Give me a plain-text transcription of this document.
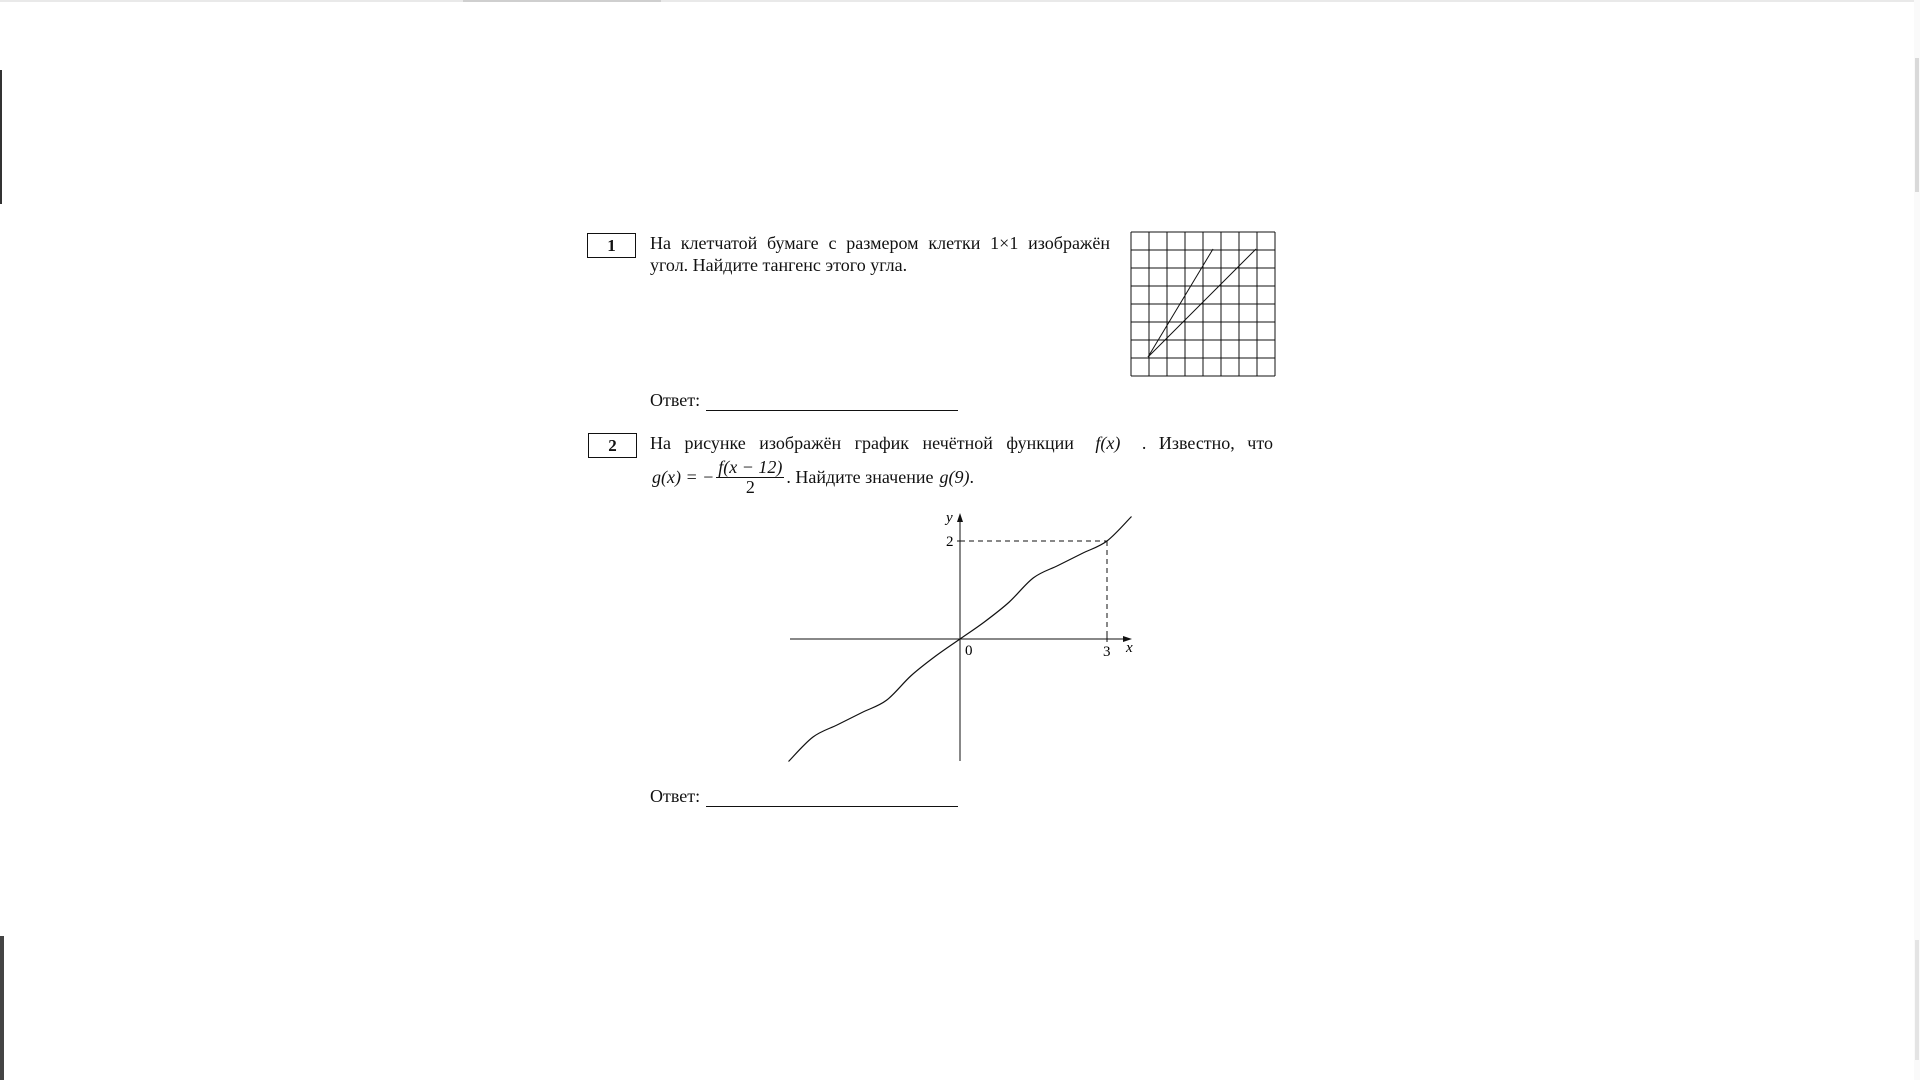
1	На клетчатой бумаге с размером клетки 1×1 изображён угол. Найдите тангенс этого угла.
Ответ:
2	На рисунке изображён график нечётной функции f(x) . Известно, что
g(x) = − $\frac{f(x - 12)}{2}$ . Найдите значение g(9) .
y
x
0	3
2
Ответ:
